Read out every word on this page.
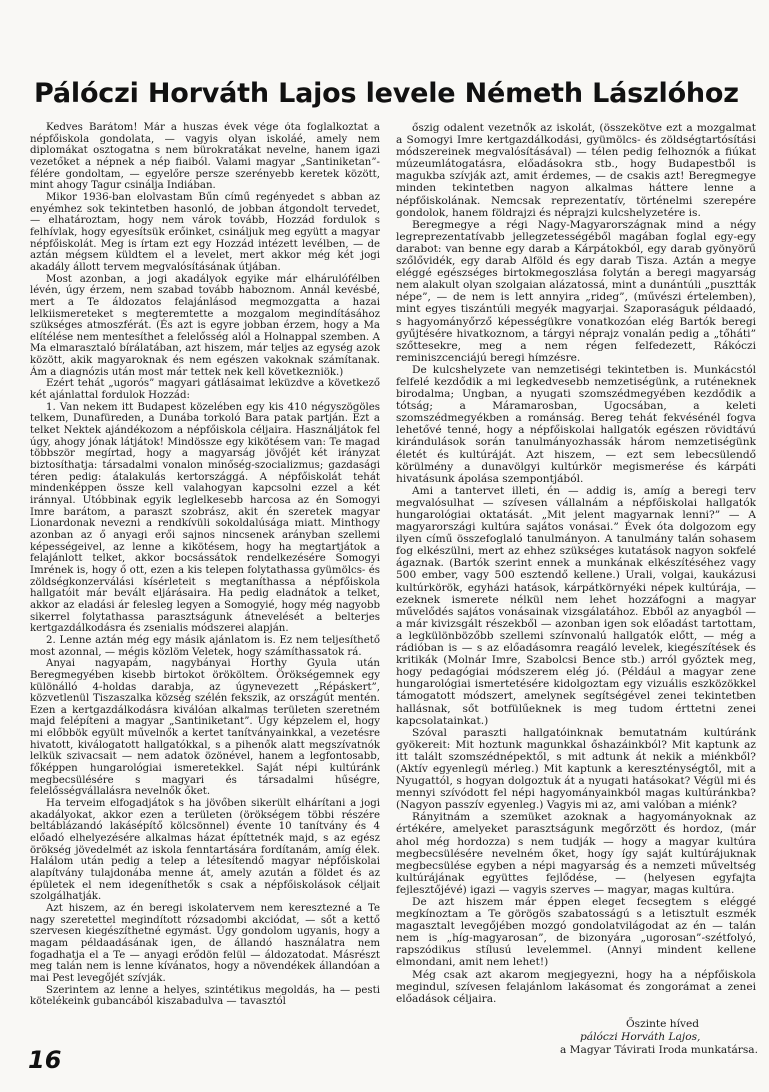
Pálóczi Horváth Lajos levele Németh Lászlóhoz

Kedves Barátom! Már a huszas évek vége óta foglalkoztat a népfőiskola gondolata, — vagyis olyan iskoláé, amely nem diplomákat osztogatna s nem bürokratákat nevelne, hanem igazi vezetőket a népnek a nép fiaiból. Valami magyar „Santiniketan”-félére gondoltam, — egyelőre persze szerényebb keretek között, mint ahogy Tagur csinálja Indiában.

Mikor 1936-ban elolvastam Bűn című regényedet s abban az enyémhez sok tekintetben hasonló, de jobban átgondolt tervedet, — elhatároztam, hogy nem várok tovább, Hozzád fordulok s felhívlak, hogy egyesítsük erőinket, csináljuk meg együtt a magyar népfőiskolát. Meg is írtam ezt egy Hozzád intézett levélben, — de aztán mégsem küldtem el a levelet, mert akkor még két jogi akadály állott tervem megvalósításának útjában.

Most azonban, a jogi akadályok egyike már elhárulófélben lévén, úgy érzem, nem szabad tovább haboznom. Annál kevésbé, mert a Te áldozatos felajánlásod megmozgatta a hazai lelkiismereteket s megteremtette a mozgalom megindításához szükséges atmoszférát. (És azt is egyre jobban érzem, hogy a Ma elítélése nem mentesíthet a felelősség alól a Holnappal szemben. A Ma elmarasztaló bírálatában, azt hiszem, már teljes az egység azok között, akik magyaroknak és nem egészen vakoknak számítanak. Ám a diagnózis után most már tettek nek kell következniök.)

Ezért tehát „ugorós” magyari gátlásaimat leküzdve a következő két ajánlattal fordulok Hozzád:

1. Van nekem itt Budapest közelében egy kis 410 négyszögöles telkem, Dunafüreden, a Dunába torkoló Bara patak partján. Ezt a telket Nektek ajándékozom a népfőiskola céljaira. Használjátok fel úgy, ahogy jónak látjátok! Mindössze egy kikötésem van: Te magad többször megírtad, hogy a magyarság jövőjét két irányzat biztosíthatja: társadalmi vonalon minőség-szocializmus; gazdasági téren pedig: átalakulás kertországgá. A népfőiskolát tehát mindenképpen össze kell valahogyan kapcsolni ezzel a két iránnyal. Utóbbinak egyik leglelkesebb harcosa az én Somogyi Imre barátom, a paraszt szobrász, akit én szeretek magyar Lionardonak nevezni a rendkívüli sokoldalúsága miatt. Minthogy azonban az ő anyagi erői sajnos nincsenek arányban szellemi képességeivel, az lenne a kikötésem, hogy ha megtartjátok a felajánlott telket, akkor bocsássátok rendelkezésére Somogyi Imrének is, hogy ő ott, ezen a kis telepen folytathassa gyümölcs- és zöldségkonzerválási kísérleteit s megtaníthassa a népfőiskola hallgatóit már bevált eljárásaira. Ha pedig eladnátok a telket, akkor az eladási ár felesleg legyen a Somogyié, hogy még nagyobb sikerrel folytathassa parasztságunk átnevelését a belterjes kertgazdálkodásra és zsenialis módszerei alapján.

2. Lenne aztán még egy másik ajánlatom is. Ez nem teljesíthető most azonnal, — mégis közlöm Veletek, hogy számíthassatok rá.

Anyai nagyapám, nagybányai Horthy Gyula után Beregmegyében kisebb birtokot örököltem. Örökségemnek egy különálló 4-holdas darabja, az úgynevezett „Répáskert”, közvetlenül Tiszaszalka község szélén fekszik, az országút mentén. Ezen a kertgazdálkodásra kiválóan alkalmas területen szeretném majd felépíteni a magyar „Santiniketant”. Úgy képzelem el, hogy mi előbbök egyült művelnők a kertet tanítványainkkal, a vezetésre hivatott, kiválogatott hallgatókkal, s a pihenők alatt megszívatnók lelkük szivacsait — nem adatok özönével, hanem a legfontosabb, főképpen hungarológiai ismeretekkel. Saját népi kultúránk megbecsülésére s magyari és társadalmi hűségre, felelősségvállalásra nevelnők őket.

Ha terveim elfogadjátok s ha jövőben sikerült elhárítani a jogi akadályokat, akkor ezen a területen (örökségem többi részére beltáblázandó lakásépítő kölcsönnel) évente 10 tanítvány és 4 előadó elhelyezésére alkalmas házat építtetnék majd, s az egész örökség jövedelmét az iskola fenntartására fordítanám, amíg élek. Halálom után pedig a telep a létesítendő magyar népfőiskolai alapítvány tulajdonába menne át, amely azután a földet és az épületek el nem idegeníthetők s csak a népfőiskolások céljait szolgálhatják.

Azt hiszem, az én beregi iskolatervem nem keresztezné a Te nagy szeretettel megindított rózsadombi akciódat, — sőt a kettő szervesen kiegészíthetné egymást. Úgy gondolom ugyanis, hogy a magam példaadásának igen, de állandó használatra nem fogadhatja el a Te — anyagi erődön felül — áldozatodat. Másrészt meg talán nem is lenne kívánatos, hogy a növendékek állandóan a mai Pest levegőjét szívják.

Szerintem az lenne a helyes, szintétikus megoldás, ha — pesti kötelékeink gubancából kiszabadulva — tavasztól

őszig odalent vezetnők az iskolát, (összekötve ezt a mozgalmat a Somogyi Imre kertgazdálkodási, gyümölcs- és zöldségtartósítási módszereinek megvalósításával) — télen pedig felhoznók a fiúkat múzeumlátogatásra, előadásokra stb., hogy Budapestből is magukba szívják azt, amit érdemes, — de csakis azt! Beregmegye minden tekintetben nagyon alkalmas háttere lenne a népfőiskolának. Nemcsak reprezentatív, történelmi szerepére gondolok, hanem földrajzi és néprajzi kulcshelyzetére is.

Beregmegye a régi Nagy-Magyarországnak mind a négy legreprezentatívabb jellegzetességéből magában foglal egy-egy darabot: van benne egy darab a Kárpátokból, egy darab gyönyörű szőlővidék, egy darab Alföld és egy darab Tisza. Aztán a megye eléggé egészséges birtokmegoszlása folytán a beregi magyarság nem alakult olyan szolgaian alázatossá, mint a dunántúli „pusztták népe”, — de nem is lett annyira „rideg”, (művészi értelemben), mint egyes tiszántúli megyék magyarjai. Szaporaságuk példaadó, s hagyományőrző képességükre vonatkozóan elég Bartók beregi gyűjtésére hivatkoznom, a tárgyi néprajz vonalán pedig a „tőháti” szőttesekre, meg a nem régen felfedezett, Rákóczi reminiszcenciájú beregi hímzésre.

De kulcshelyzete van nemzetiségi tekintetben is. Munkácstól felfelé kezdődik a mi legkedvesebb nemzetiségünk, a ruténeknek birodalma; Ungban, a nyugati szomszédmegyében kezdődik a tótság; a Máramarosban, Ugocsában, a keleti szomszédmegyékben a románság. Bereg tehát fekvésénél fogva lehetővé tenné, hogy a népfőiskolai hallgatók egészen rövidtávú kirándulások során tanulmányozhassák három nemzetiségünk életét és kultúráját. Azt hiszem, — ezt sem lebecsülendő körülmény a dunavölgyi kultúrkör megismerése és kárpáti hivatásunk ápolása szempontjából.

Ami a tantervet illeti, én — addig is, amíg a beregi terv megvalósulhat — szívesen vállalnám a népfőiskolai hallgatók hungarológiai oktatását. „Mit jelent magyarnak lenni?” — A magyarországi kultúra sajátos vonásai.” Évek óta dolgozom egy ilyen című összefoglaló tanulmányon. A tanulmány talán sohasem fog elkészülni, mert az ehhez szükséges kutatások nagyon sokfelé ágaznak. (Bartók szerint ennek a munkának elkészítéséhez vagy 500 ember, vagy 500 esztendő kellene.) Urali, volgai, kaukázusi kultúrkörök, egyházi hatások, kárpátkörnyéki népek kultúrája, — ezeknek ismerete nélkül nem lehet hozzáfogni a magyar művelődés sajátos vonásainak vizsgálatához. Ebből az anyagból — a már kivizsgált részekből — azonban igen sok előadást tartottam, a legkülönbözőbb szellemi színvonalú hallgatók előtt, — még a rádióban is — s az előadásomra reagáló levelek, kiegészítések és kritikák (Molnár Imre, Szabolcsi Bence stb.) arról győztek meg, hogy pedagógiai módszerem elég jó. (Például a magyar zene hungarológiai ismertetésére kidolgoztam egy vizuális eszközökkel támogatott módszert, amelynek segítségével zenei tekintetben hallásnak, sőt botfülűeknek is meg tudom érttetni zenei kapcsolatainkat.)

Szóval paraszti hallgatóinknak bemutatnám kultúránk gyökereit: Mit hoztunk magunkkal őshazáinkból? Mit kaptunk az itt talált szomszédnépektől, s mit adtunk át nekik a miénkből? (Aktív egyenlegü mérleg.) Mit kaptunk a kereszténységtől, mit a Nyugattól, s hogyan dolgoztuk át a nyugati hatásokat? Végül mi és mennyi szívódott fel népi hagyományainkból magas kultúránkba? (Nagyon passzív egyenleg.) Vagyis mi az, ami valóban a miénk?

Rányitnám a szemüket azoknak a hagyományoknak az értékére, amelyeket parasztságunk megőrzött és hordoz, (már ahol még hordozza) s nem tudják — hogy a magyar kultúra megbecsülésére nevelném őket, hogy így saját kultúrájuknak megbecsülése egyben a népi magyarság és a nemzeti műveltség kultúrájának együttes fejlődése, — (helyesen egyfajta fejlesztőjévé) igazi — vagyis szerves — magyar, magas kultúra.

De azt hiszem már éppen eleget fecsegtem s eléggé megkínoztam a Te görögös szabatosságú s a letisztult eszmék magasztalt levegőjében mozgó gondolatvilágodat az én — talán nem is „híg-magyarosan”, de bizonyára „ugorosan”-szétfolyó, rapszódikus stílusú levelemmel. (Annyi mindent kellene elmondani, amit nem lehet!)

Még csak azt akarom megjegyezni, hogy ha a népfőiskola megindul, szívesen felajánlom lakásomat és zongorámat a zenei előadások céljaira.

Őszinte híved
pálóczi Horváth Lajos,
a Magyar Távirati Iroda munkatársa.
16
